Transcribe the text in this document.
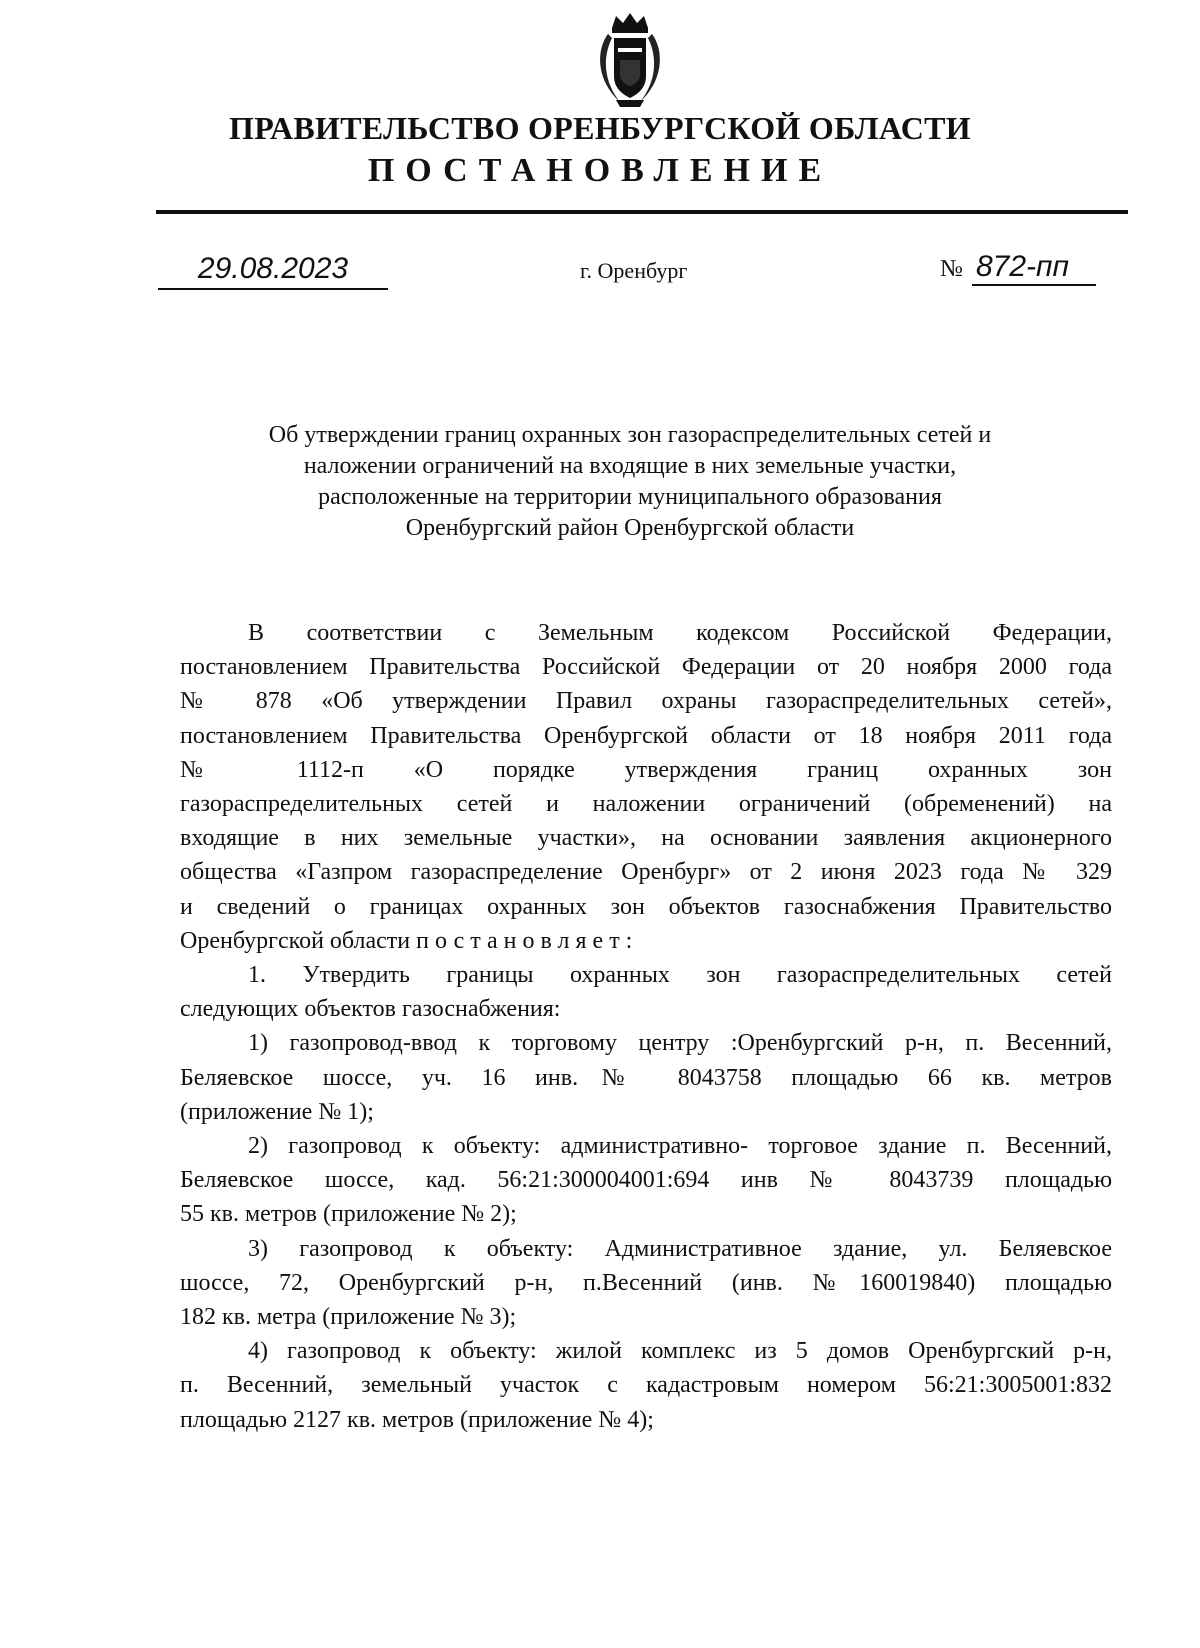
ПРАВИТЕЛЬСТВО ОРЕНБУРГСКОЙ ОБЛАСТИ
ПОСТАНОВЛЕНИЕ
29.08.2023	г. Оренбург	№ 872-пп
Об утверждении границ охранных зон газораспределительных сетей и
наложении ограничений на входящие в них земельные участки,
расположенные на территории муниципального образования
Оренбургский район Оренбургской области
В соответствии с Земельным кодексом Российской Федерации,
постановлением Правительства Российской Федерации от 20 ноября 2000 года
№ 878 «Об утверждении Правил охраны газораспределительных сетей»,
постановлением Правительства Оренбургской области от 18 ноября 2011 года
№ 1112-п «О порядке утверждения границ охранных зон
газораспределительных сетей и наложении ограничений (обременений) на
входящие в них земельные участки», на основании заявления акционерного
общества «Газпром газораспределение Оренбург» от 2 июня 2023 года № 329
и сведений о границах охранных зон объектов газоснабжения Правительство
Оренбургской области постановляет:
1. Утвердить границы охранных зон газораспределительных сетей
следующих объектов газоснабжения:
1) газопровод-ввод к торговому центру :Оренбургский р-н, п. Весенний,
Беляевское шоссе, уч. 16 инв.№ 8043758 площадью 66 кв. метров
(приложение № 1);
2) газопровод к объекту: административно- торговое здание п. Весенний,
Беляевское шоссе, кад. 56:21:300004001:694 инв № 8043739 площадью
55 кв. метров (приложение № 2);
3) газопровод к объекту: Административное здание, ул. Беляевское
шоссе, 72, Оренбургский р-н, п.Весенний (инв. №160019840) площадью
182 кв. метра (приложение № 3);
4) газопровод к объекту: жилой комплекс из 5 домов Оренбургский р-н,
п. Весенний, земельный участок с кадастровым номером 56:21:3005001:832
площадью 2127 кв. метров (приложение № 4);
